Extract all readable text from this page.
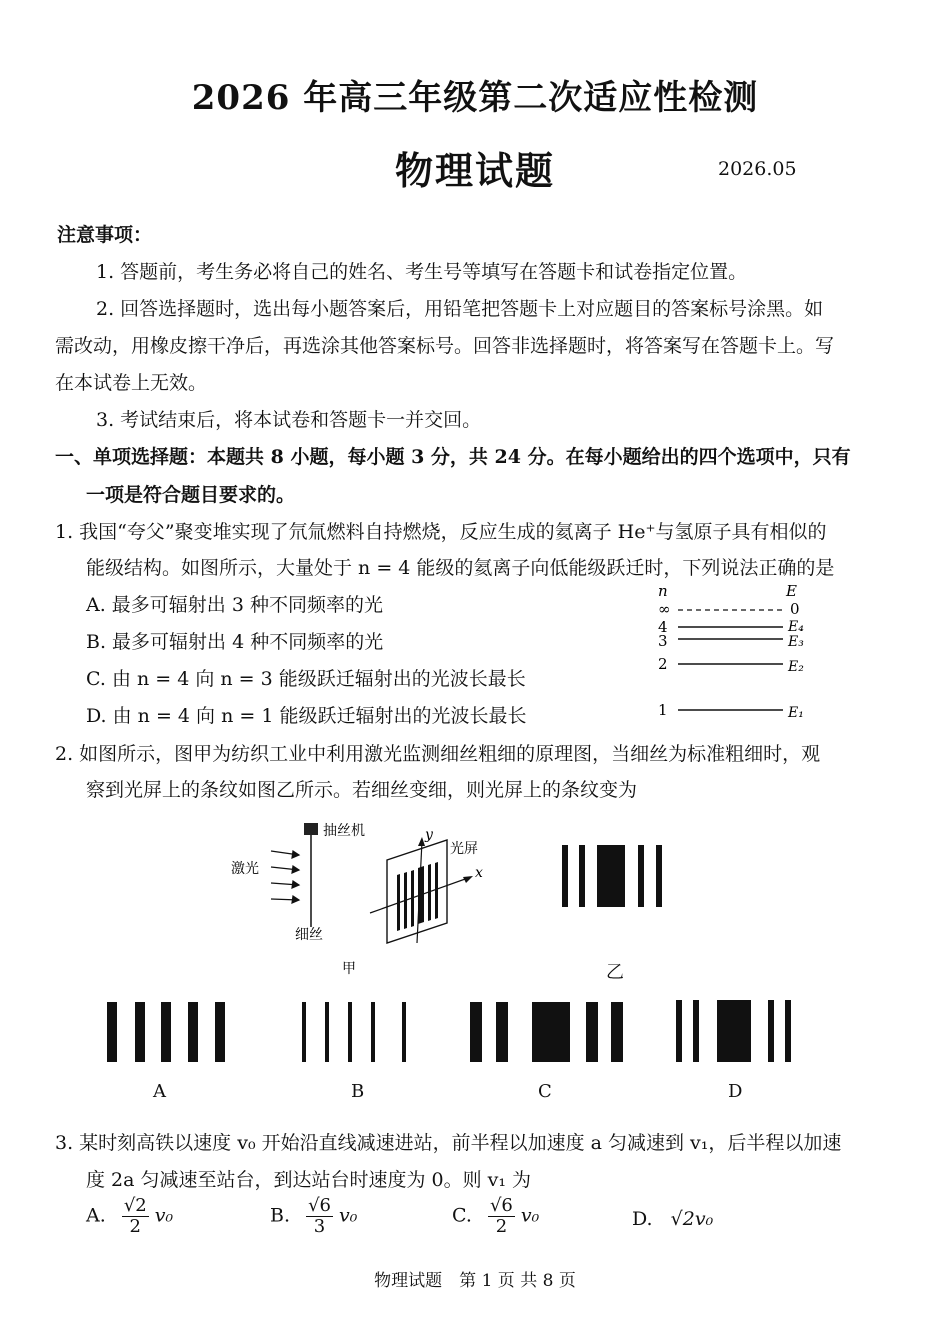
2026 年高三年级第二次适应性检测
物理试题	2026.05
注意事项：
1. 答题前，考生务必将自己的姓名、考生号等填写在答题卡和试卷指定位置。
2. 回答选择题时，选出每小题答案后，用铅笔把答题卡上对应题目的答案标号涂黑。如
需改动，用橡皮擦干净后，再选涂其他答案标号。回答非选择题时，将答案写在答题卡上。写
在本试卷上无效。
3. 考试结束后，将本试卷和答题卡一并交回。
一、单项选择题：本题共 8 小题，每小题 3 分，共 24 分。在每小题给出的四个选项中，只有
一项是符合题目要求的。
1. 我国“夸父”聚变堆实现了氘氚燃料自持燃烧，反应生成的氦离子 He⁺与氢原子具有相似的
能级结构。如图所示，大量处于 n = 4 能级的氦离子向低能级跃迁时，下列说法正确的是
A. 最多可辐射出 3 种不同频率的光
B. 最多可辐射出 4 种不同频率的光
C. 由 n = 4 向 n = 3 能级跃迁辐射出的光波长最长
D. 由 n = 4 向 n = 1 能级跃迁辐射出的光波长最长
n	E
∞	0
4	E₄
3	E₃
2	E₂
1	E₁
2. 如图所示，图甲为纺织工业中利用激光监测细丝粗细的原理图，当细丝为标准粗细时，观
察到光屏上的条纹如图乙所示。若细丝变细，则光屏上的条纹变为
抽丝机
细丝
激光
y
光屏
x
甲	乙
A	B	C	D
3. 某时刻高铁以速度 v₀ 开始沿直线减速进站，前半程以加速度 a 匀减速到 v₁，后半程以加速
度 2a 匀减速至站台，到达站台时速度为 0。则 v₁ 为
A. $\frac{√2}{2} v_0$	B. $\frac{√6}{3} v_0$	C. $\frac{√6}{2} v_0$	D. √2v₀
物理试题　第 1 页 共 8 页
